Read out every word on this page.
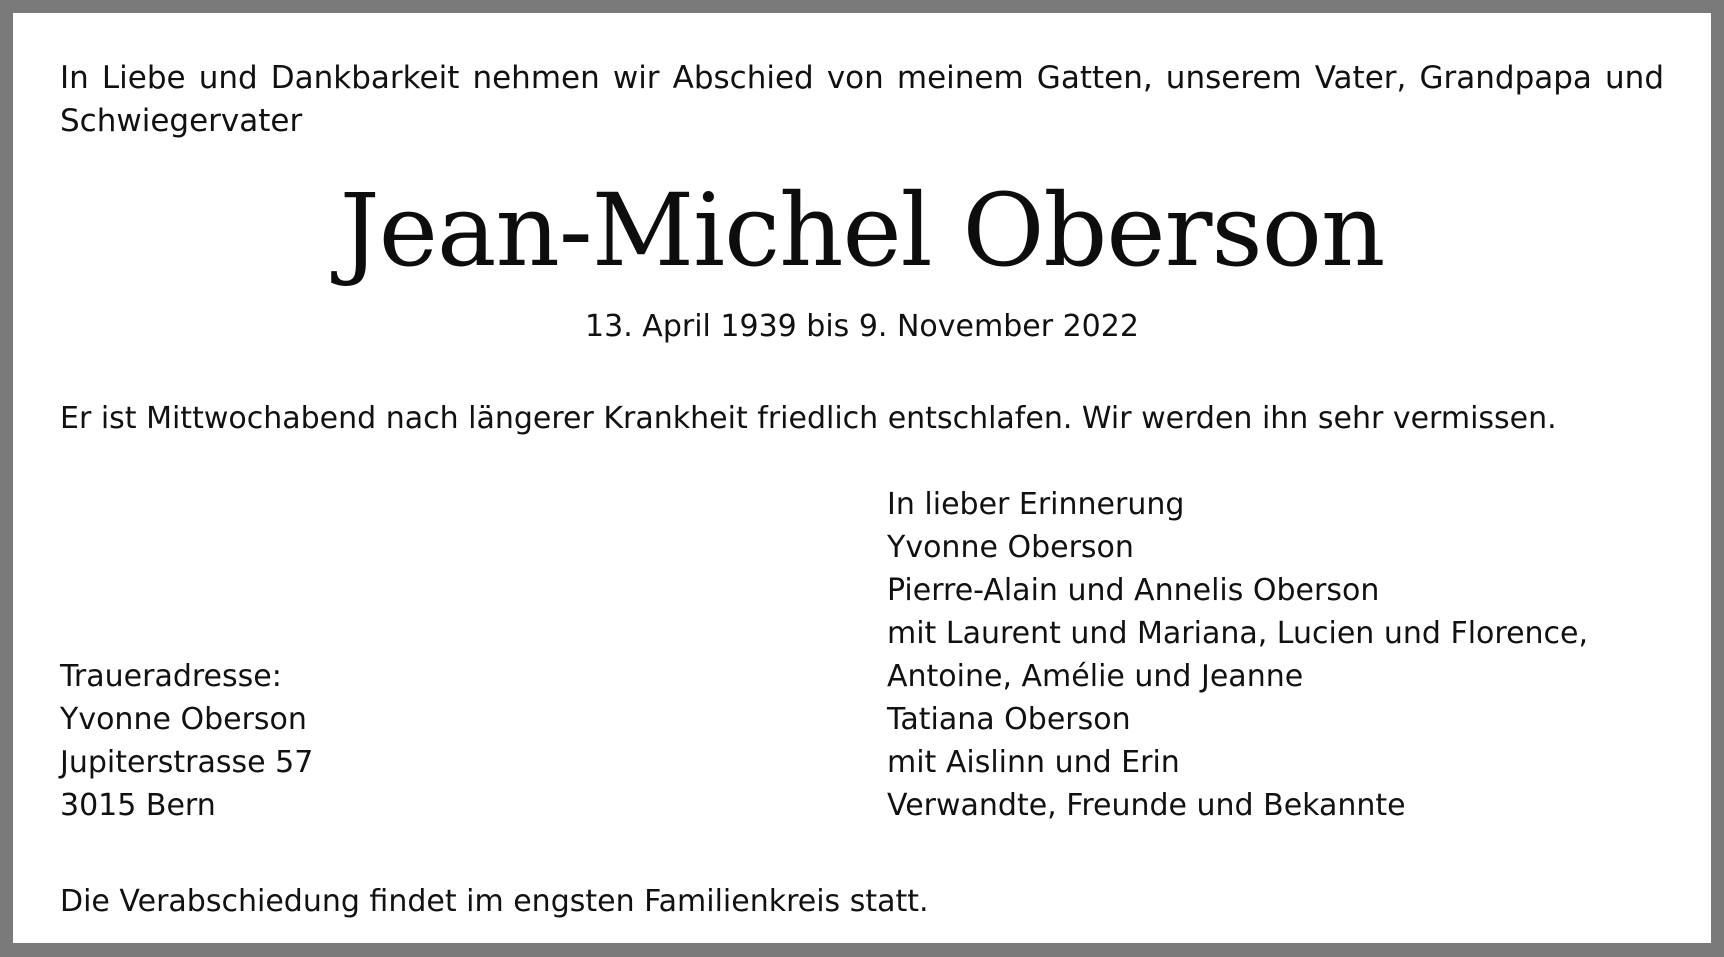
In Liebe und Dankbarkeit nehmen wir Abschied von meinem Gatten, unserem Vater, Grandpapa und Schwiegervater

Jean-Michel Oberson

13. April 1939 bis 9. November 2022

Er ist Mittwochabend nach längerer Krankheit friedlich entschlafen. Wir werden ihn sehr vermissen.

In lieber Erinnerung
Yvonne Oberson
Pierre-Alain und Annelis Oberson
mit Laurent und Mariana, Lucien und Florence,
Antoine, Amélie und Jeanne
Tatiana Oberson
mit Aislinn und Erin
Verwandte, Freunde und Bekannte
Traueradresse:
Yvonne Oberson
Jupiterstrasse 57
3015 Bern

Die Verabschiedung findet im engsten Familienkreis statt.
